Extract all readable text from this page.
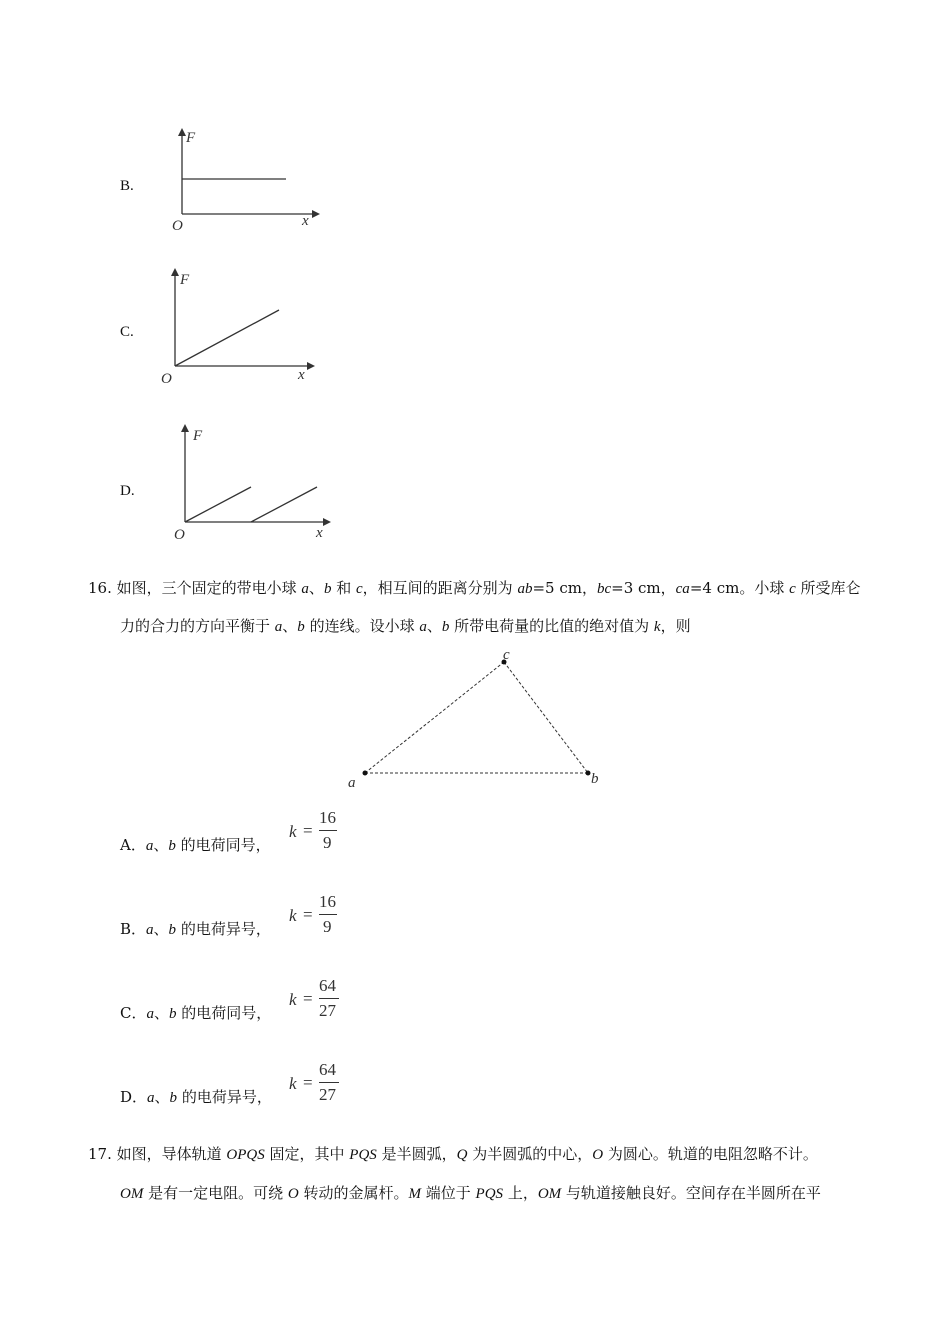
B.
F
x
O
C.
F
x
O
D.
F
x
O
16. 如图，三个固定的带电小球 a、b 和 c，相互间的距离分别为 ab=5 cm，bc=3 cm，ca=4 cm。小球 c 所受库仑
力的合力的方向平衡于 a、b 的连线。设小球 a、b 所带电荷量的比值的绝对值为 k，则
a	b
c
A．a、b 的电荷同号，
k =
16
9
B．a、b 的电荷异号，
k =
16
9
C．a、b 的电荷同号，
k =
64
27
D．a、b 的电荷异号，
k =
64
27
17. 如图，导体轨道 OPQS 固定，其中 PQS 是半圆弧，Q 为半圆弧的中心，O 为圆心。轨道的电阻忽略不计。
OM 是有一定电阻。可绕 O 转动的金属杆。M 端位于 PQS 上，OM 与轨道接触良好。空间存在半圆所在平
